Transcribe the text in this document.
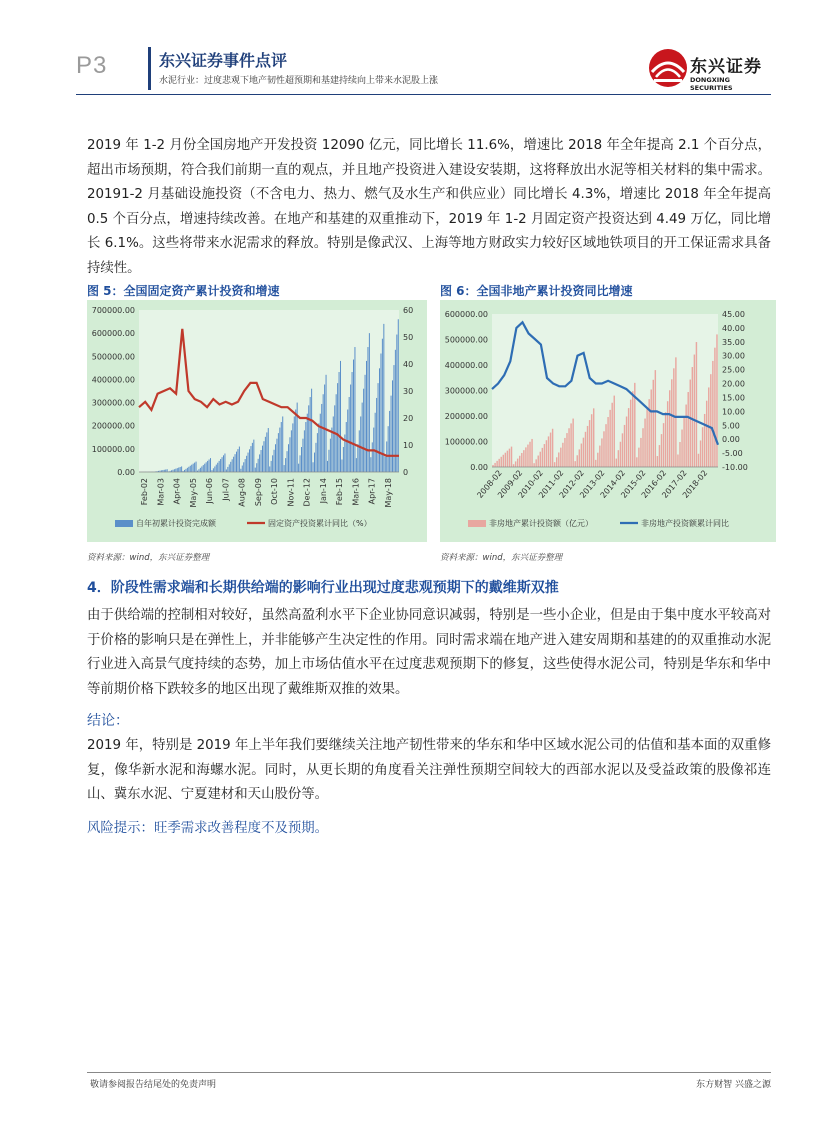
P3	东兴证券事件点评
水泥行业：过度悲观下地产韧性超预期和基建持续向上带来水泥股上涨
东兴证券
DONGXING SECURITIES

2019 年 1-2 月份全国房地产开发投资 12090 亿元，同比增长 11.6%，增速比 2018 年全年提高 2.1 个百分点，超出市场预期，符合我们前期一直的观点，并且地产投资进入建设安装期，这将释放出水泥等相关材料的集中需求。20191-2 月基础设施投资（不含电力、热力、燃气及水生产和供应业）同比增长 4.3%，增速比 2018 年全年提高 0.5 个百分点，增速持续改善。在地产和基建的双重推动下，2019 年 1-2 月固定资产投资达到 4.49 万亿，同比增长 6.1%。这些将带来水泥需求的释放。特别是像武汉、上海等地方财政实力较好区域地铁项目的开工保证需求具备持续性。

图 5：全国固定资产累计投资和增速
0.00
100000.00
200000.00
300000.00
400000.00
500000.00
600000.00
700000.00
0
10
20
30
40
50
60
Feb-02 Mar-03 Apr-04 May-05 Jun-06 Jul-07 Aug-08 Sep-09 Oct-10 Nov-11 Dec-12 Jan-14 Feb-15 Mar-16 Apr-17 May-18
自年初累计投资完成额	固定资产投资累计同比（%）
资料来源：wind，东兴证券整理
图 6：全国非地产累计投资同比增速
0.00
100000.00
200000.00
300000.00
400000.00
500000.00
600000.00	45.00
40.00
35.00
30.00
25.00
20.00
15.00
10.00
5.00
0.00
-5.00
-10.00
2008-02
2009-02
2010-02
2011-02
2012-02
2013-02
2014-02
2015-02
2016-02
2017-02
2018-02
非房地产累计投资额（亿元）	非房地产投资额累计同比
资料来源：wind，东兴证券整理
4．阶段性需求端和长期供给端的影响行业出现过度悲观预期下的戴维斯双推

由于供给端的控制相对较好，虽然高盈利水平下企业协同意识减弱，特别是一些小企业，但是由于集中度水平较高对于价格的影响只是在弹性上，并非能够产生决定性的作用。同时需求端在地产进入建安周期和基建的的双重推动水泥行业进入高景气度持续的态势，加上市场估值水平在过度悲观预期下的修复，这些使得水泥公司，特别是华东和华中等前期价格下跌较多的地区出现了戴维斯双推的效果。

结论：

2019 年，特别是 2019 年上半年我们要继续关注地产韧性带来的华东和华中区域水泥公司的估值和基本面的双重修复，像华新水泥和海螺水泥。同时，从更长期的角度看关注弹性预期空间较大的西部水泥以及受益政策的股像祁连山、冀东水泥、宁夏建材和天山股份等。

风险提示：旺季需求改善程度不及预期。
敬请参阅报告结尾处的免责声明	东方财智 兴盛之源
